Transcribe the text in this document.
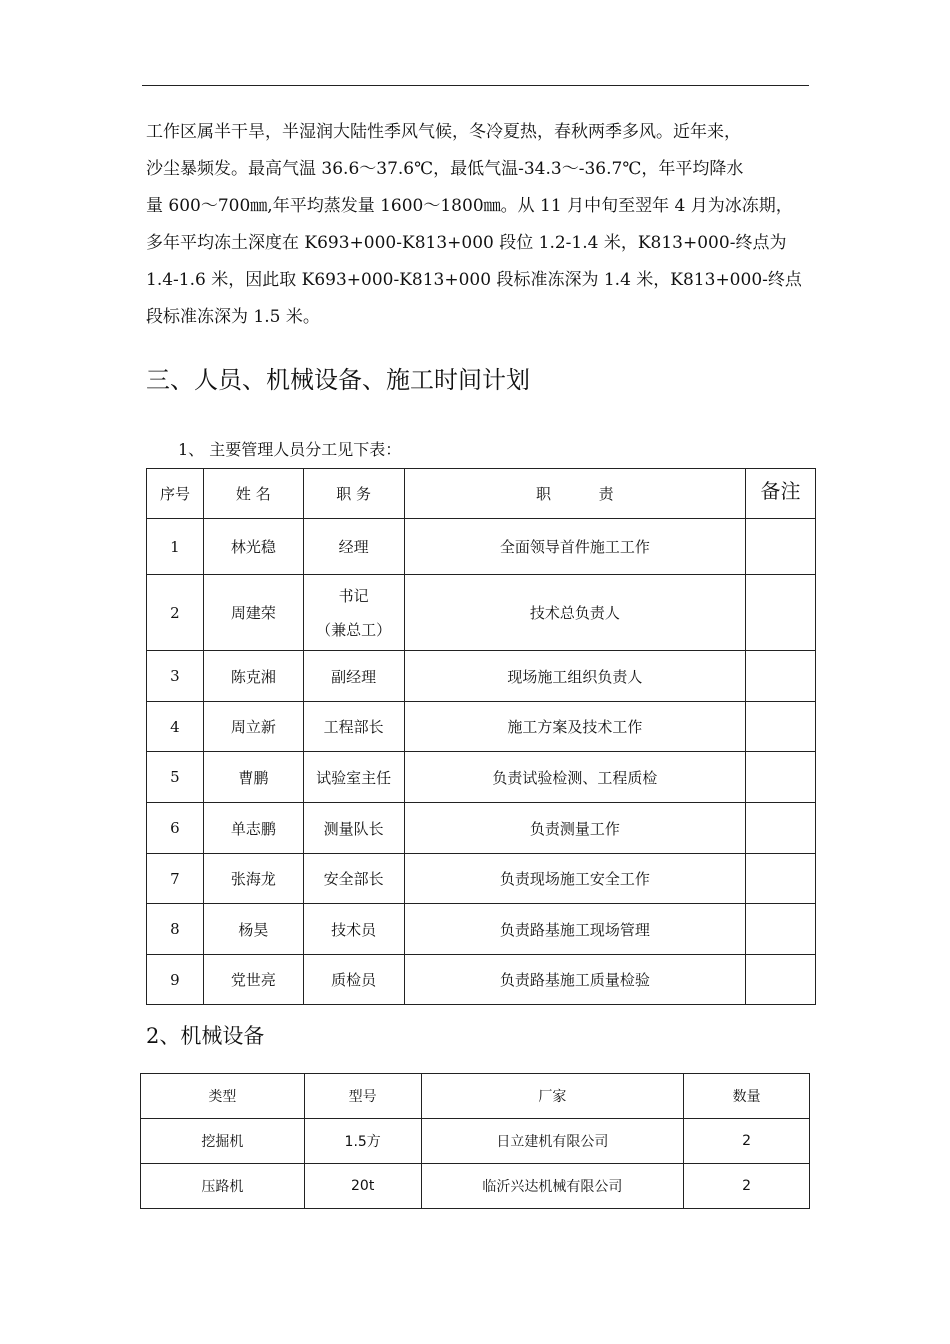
工作区属半干旱，半湿润大陆性季风气候，冬冷夏热，春秋两季多风。近年来，
沙尘暴频发。最高气温 36.6～37.6℃，最低气温-34.3～-36.7℃，年平均降水
量 600～700㎜,年平均蒸发量 1600～1800㎜。从 11 月中旬至翌年 4 月为冰冻期，
多年平均冻土深度在 K693+000-K813+000 段位 1.2-1.4 米，K813+000-终点为
1.4-1.6 米，因此取 K693+000-K813+000 段标准冻深为 1.4 米，K813+000-终点
段标准冻深为 1.5 米。
三、人员、机械设备、施工时间计划
1、 主要管理人员分工见下表：
序号	姓 名	职 务	职          责	备注
1	林光稳	经理	全面领导首件施工工作	
2	周建荣	书记
（兼总工）	技术总负责人	
3	陈克湘	副经理	现场施工组织负责人	
4	周立新	工程部长	施工方案及技术工作	
5	曹鹏	试验室主任	负责试验检测、工程质检	
6	单志鹏	测量队长	负责测量工作	
7	张海龙	安全部长	负责现场施工安全工作	
8	杨昊	技术员	负责路基施工现场管理	
9	党世亮	质检员	负责路基施工质量检验	
2、机械设备
类型	型号	厂家	数量
挖掘机	1.5方	日立建机有限公司	2
压路机	20t	临沂兴达机械有限公司	2
